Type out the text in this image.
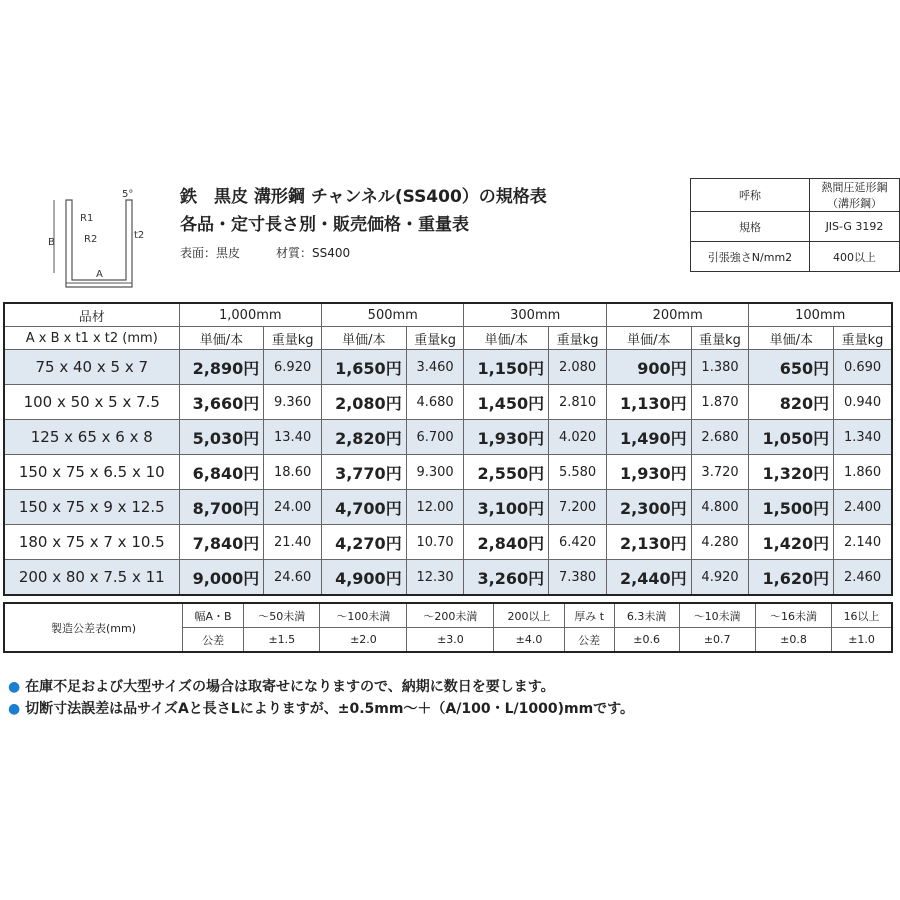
5°
R1
R2	t2
B
A
鉄　黒皮 溝形鋼 チャンネル(SS400）の規格表
各品・定寸長さ別・販売価格・重量表
表面：黒皮	材質：SS400
呼称	熱間圧延形鋼（溝形鋼）
規格	JIS-G 3192
引張強さN/mm2	400以上
品材	1,000mm		500mm		300mm		200mm		100mm	
A x B x t1 x t2 (mm)	単価/本	重量kg	単価/本	重量kg	単価/本	重量kg	単価/本	重量kg	単価/本	重量kg
75 x 40 x 5 x 7	2,890円	6.920	1,650円	3.460	1,150円	2.080	900円	1.380	650円	0.690
100 x 50 x 5 x 7.5	3,660円	9.360	2,080円	4.680	1,450円	2.810	1,130円	1.870	820円	0.940
125 x 65 x 6 x 8	5,030円	13.40	2,820円	6.700	1,930円	4.020	1,490円	2.680	1,050円	1.340
150 x 75 x 6.5 x 10	6,840円	18.60	3,770円	9.300	2,550円	5.580	1,930円	3.720	1,320円	1.860
150 x 75 x 9 x 12.5	8,700円	24.00	4,700円	12.00	3,100円	7.200	2,300円	4.800	1,500円	2.400
180 x 75 x 7 x 10.5	7,840円	21.40	4,270円	10.70	2,840円	6.420	2,130円	4.280	1,420円	2.140
200 x 80 x 7.5 x 11	9,000円	24.60	4,900円	12.30	3,260円	7.380	2,440円	4.920	1,620円	2.460
製造公差表(mm)	幅A・B	～50未満	～100未満	～200未満	200以上	厚み t	6.3未満	～10未満	～16未満	16以上
	公差	±1.5	±2.0	±3.0	±4.0	公差	±0.6	±0.7	±0.8	±1.0
● 在庫不足および大型サイズの場合は取寄せになりますので、納期に数日を要します。
● 切断寸法誤差は品サイズAと長さLによりますが、±0.5mm～＋（A/100・L/1000)mmです。
